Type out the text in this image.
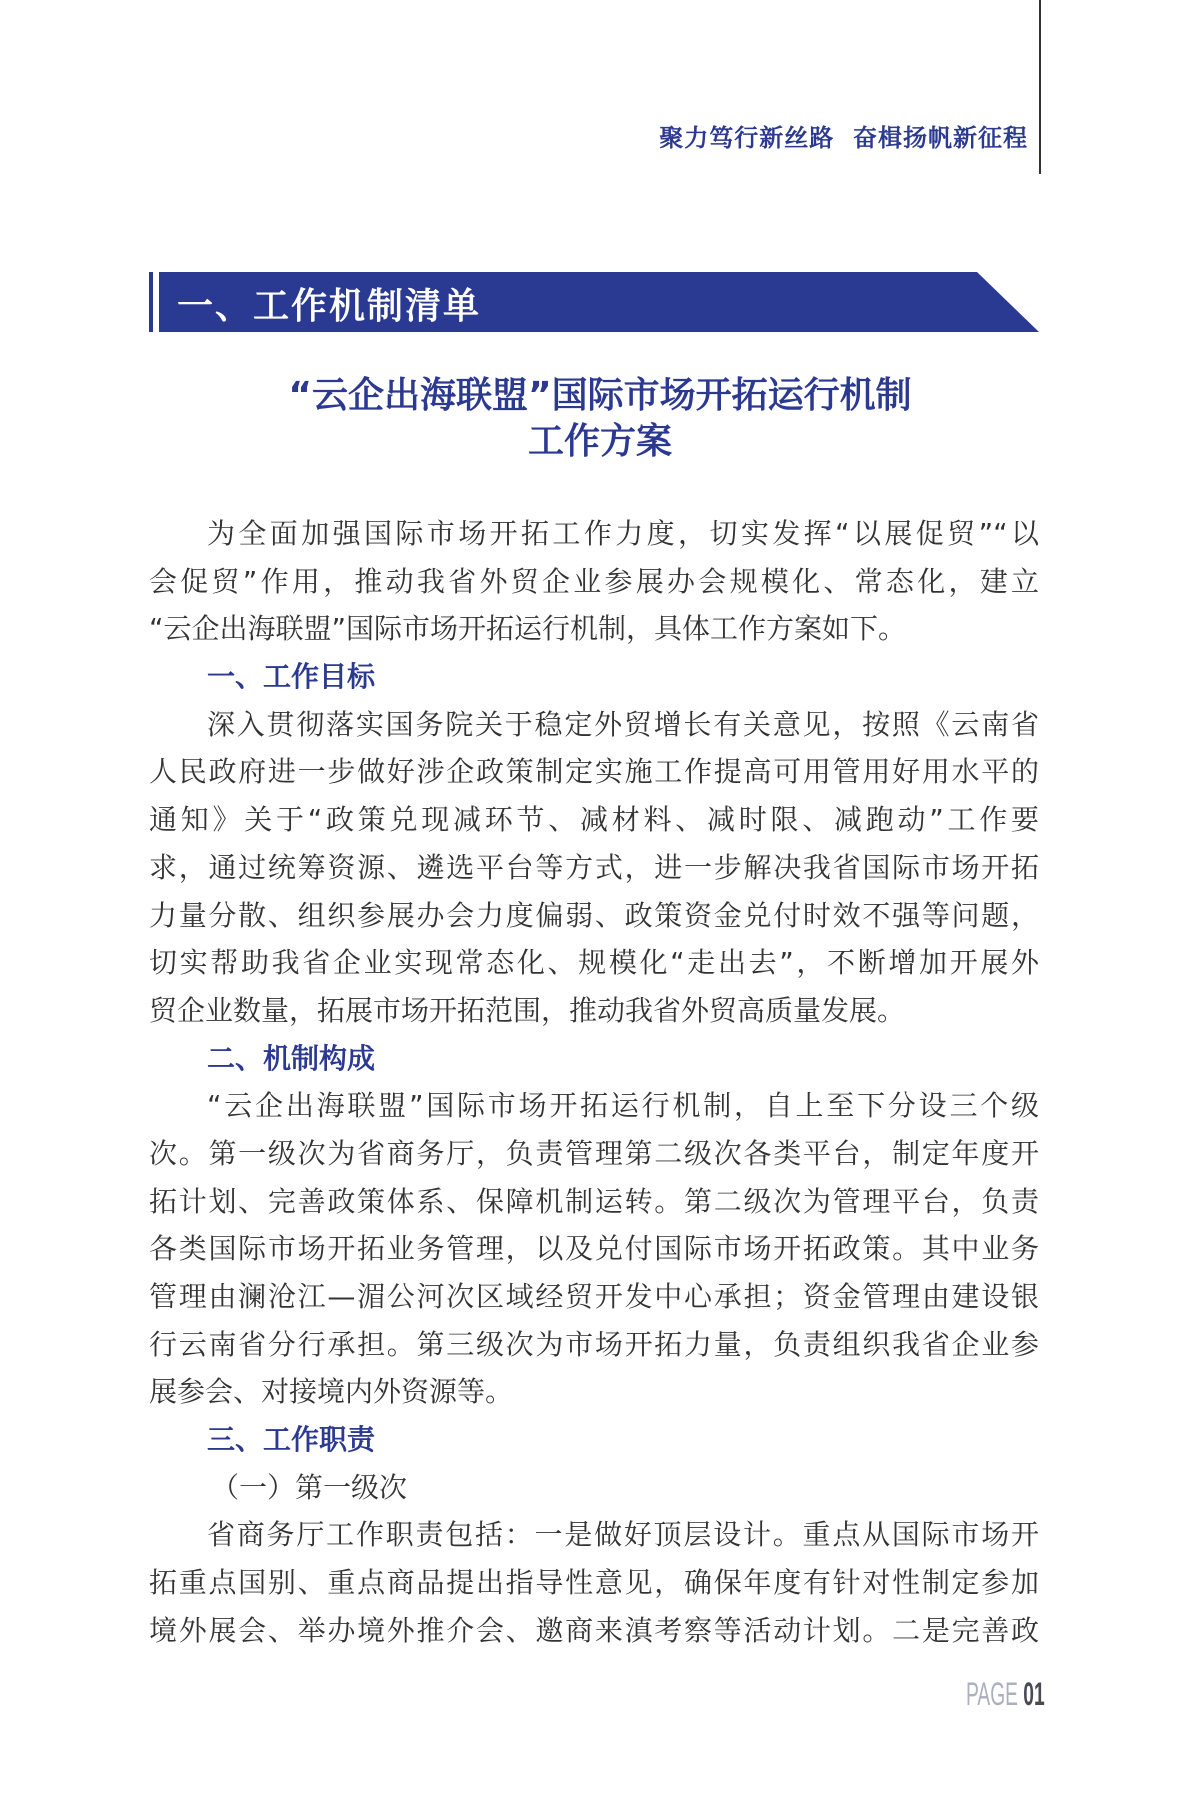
聚力笃行新丝路  奋楫扬帆新征程
一、工作机制清单
“云企出海联盟”国际市场开拓运行机制
工作方案
为全面加强国际市场开拓工作力度，切实发挥“以展促贸”“以
会促贸”作用，推动我省外贸企业参展办会规模化、常态化，建立
“云企出海联盟”国际市场开拓运行机制，具体工作方案如下。
一、工作目标
深入贯彻落实国务院关于稳定外贸增长有关意见，按照《云南省
人民政府进一步做好涉企政策制定实施工作提高可用管用好用水平的
通知》关于“政策兑现减环节、减材料、减时限、减跑动”工作要
求，通过统筹资源、遴选平台等方式，进一步解决我省国际市场开拓
力量分散、组织参展办会力度偏弱、政策资金兑付时效不强等问题，
切实帮助我省企业实现常态化、规模化“走出去”，不断增加开展外
贸企业数量，拓展市场开拓范围，推动我省外贸高质量发展。
二、机制构成
“云企出海联盟”国际市场开拓运行机制，自上至下分设三个级
次。第一级次为省商务厅，负责管理第二级次各类平台，制定年度开
拓计划、完善政策体系、保障机制运转。第二级次为管理平台，负责
各类国际市场开拓业务管理，以及兑付国际市场开拓政策。其中业务
管理由澜沧江—湄公河次区域经贸开发中心承担；资金管理由建设银
行云南省分行承担。第三级次为市场开拓力量，负责组织我省企业参
展参会、对接境内外资源等。
三、工作职责
（一）第一级次
省商务厅工作职责包括：一是做好顶层设计。重点从国际市场开
拓重点国别、重点商品提出指导性意见，确保年度有针对性制定参加
境外展会、举办境外推介会、邀商来滇考察等活动计划。二是完善政
PAGE 01
